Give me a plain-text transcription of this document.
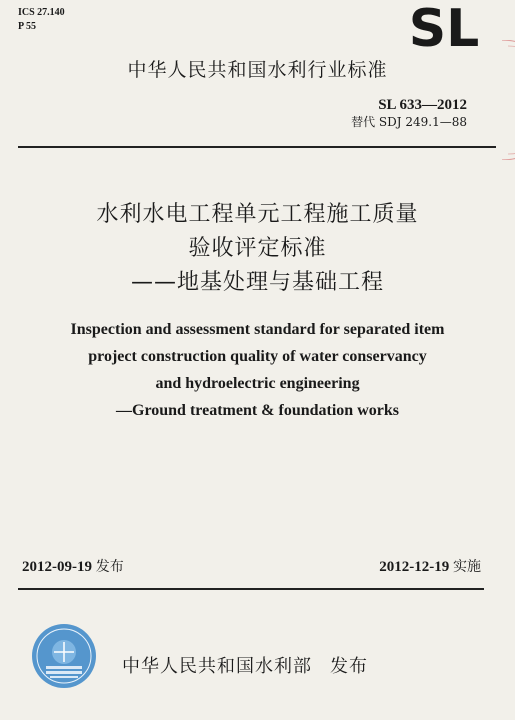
ICS 27.140
P 55	SL
中华人民共和国水利行业标准
SL 633—2012
替代 SDJ 249.1—88
水利水电工程单元工程施工质量
验收评定标准
——地基处理与基础工程
Inspection and assessment standard for separated item
project construction quality of water conservancy
and hydroelectric engineering
—Ground treatment & foundation works
2012-09-19 发布	2012-12-19 实施
中华人民共和国水利部 发布
